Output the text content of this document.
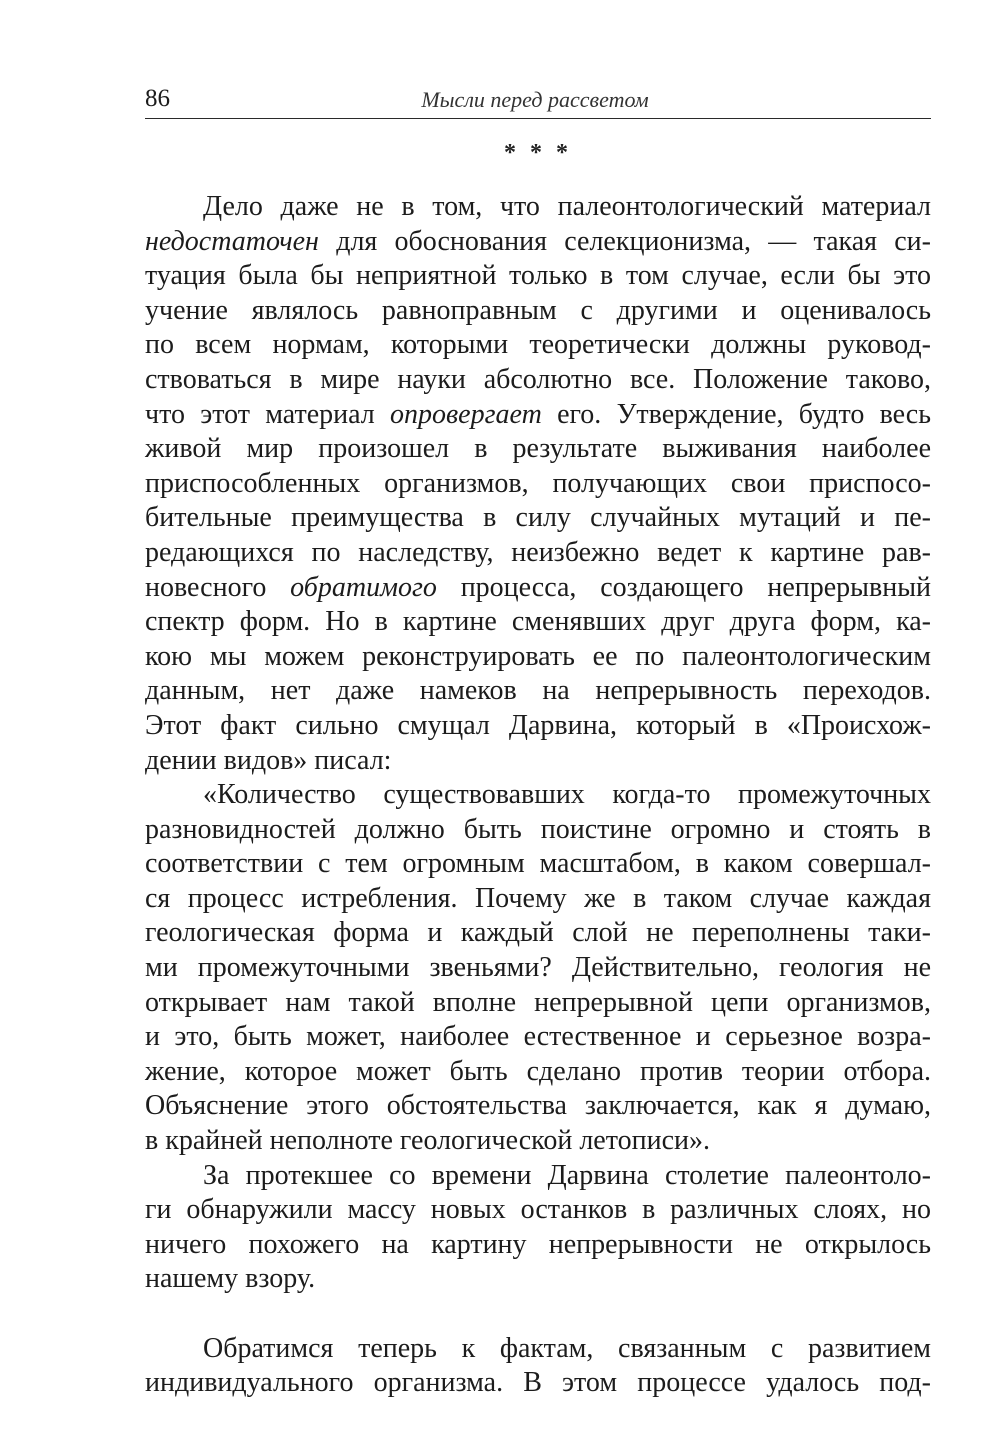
86	Мысли перед рассветом
* * *
Дело даже не в том, что палеонтологический материал
недостаточен для обоснования селекционизма, — такая си-
туация была бы неприятной только в том случае, если бы это
учение являлось равноправным с другими и оценивалось
по всем нормам, которыми теоретически должны руковод-
ствоваться в мире науки абсолютно все. Положение таково,
что этот материал опровергает его. Утверждение, будто весь
живой мир произошел в результате выживания наиболее
приспособленных организмов, получающих свои приспосо-
бительные преимущества в силу случайных мутаций и пе-
редающихся по наследству, неизбежно ведет к картине рав-
новесного обратимого процесса, создающего непрерывный
спектр форм. Но в картине сменявших друг друга форм, ка-
кою мы можем реконструировать ее по палеонтологическим
данным, нет даже намеков на непрерывность переходов.
Этот факт сильно смущал Дарвина, который в «Происхож-
дении видов» писал:
«Количество существовавших когда-то промежуточных
разновидностей должно быть поистине огромно и стоять в
соответствии с тем огромным масштабом, в каком совершал-
ся процесс истребления. Почему же в таком случае каждая
геологическая форма и каждый слой не переполнены таки-
ми промежуточными звеньями? Действительно, геология не
открывает нам такой вполне непрерывной цепи организмов,
и это, быть может, наиболее естественное и серьезное возра-
жение, которое может быть сделано против теории отбора.
Объяснение этого обстоятельства заключается, как я думаю,
в крайней неполноте геологической летописи».
За протекшее со времени Дарвина столетие палеонтоло-
ги обнаружили массу новых останков в различных слоях, но
ничего похожего на картину непрерывности не открылось
нашему взору.
Обратимся теперь к фактам, связанным с развитием
индивидуального организма. В этом процессе удалось под-
